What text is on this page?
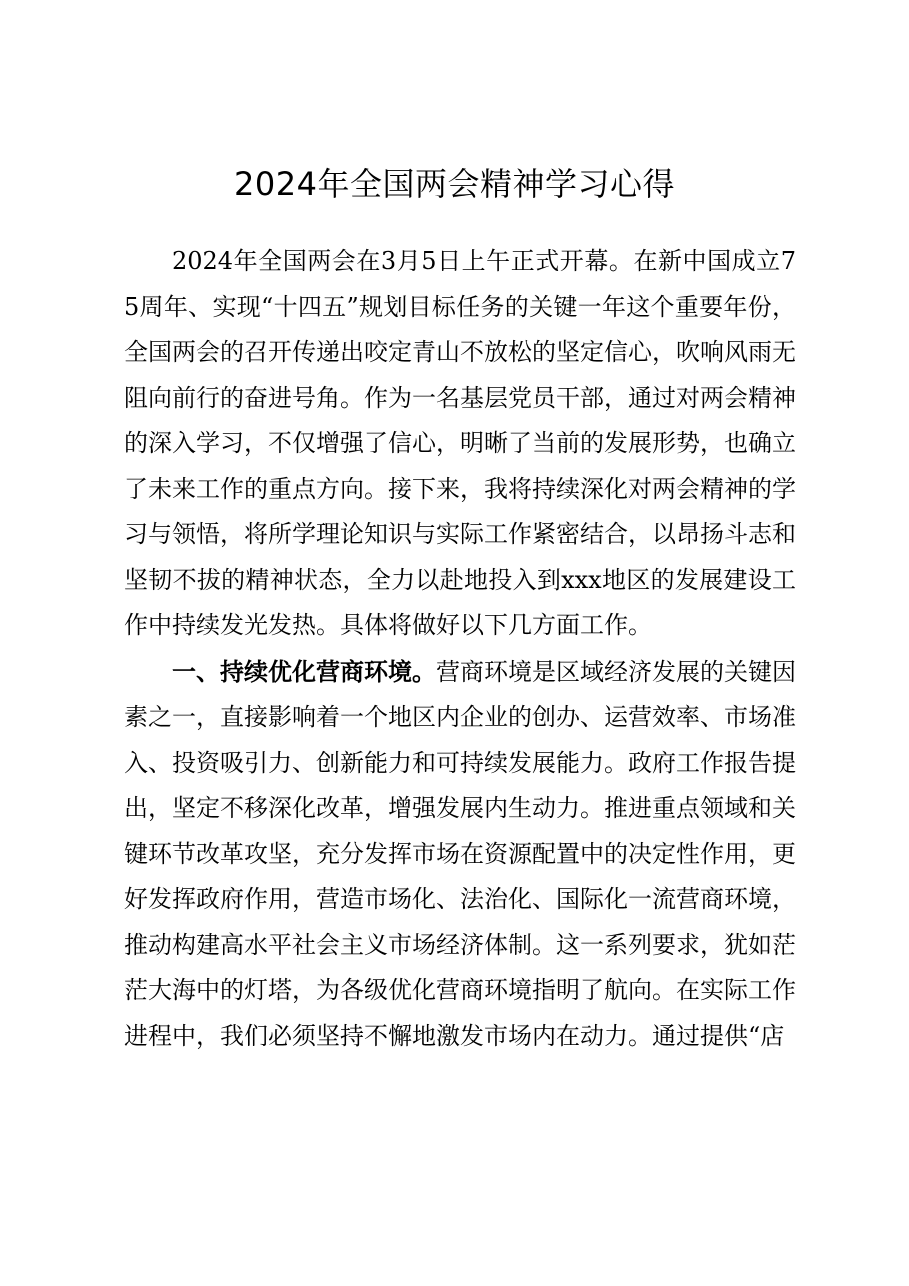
2024年全国两会精神学习心得

2024年全国两会在3月5日上午正式开幕。在新中国成立75周年、实现“十四五”规划目标任务的关键一年这个重要年份，全国两会的召开传递出咬定青山不放松的坚定信心，吹响风雨无阻向前行的奋进号角。作为一名基层党员干部，通过对两会精神的深入学习，不仅增强了信心，明晰了当前的发展形势，也确立了未来工作的重点方向。接下来，我将持续深化对两会精神的学习与领悟，将所学理论知识与实际工作紧密结合，以昂扬斗志和坚韧不拔的精神状态，全力以赴地投入到xxx地区的发展建设工作中持续发光发热。具体将做好以下几方面工作。

一、持续优化营商环境。营商环境是区域经济发展的关键因素之一，直接影响着一个地区内企业的创办、运营效率、市场准入、投资吸引力、创新能力和可持续发展能力。政府工作报告提出，坚定不移深化改革，增强发展内生动力。推进重点领域和关键环节改革攻坚，充分发挥市场在资源配置中的决定性作用，更好发挥政府作用，营造市场化、法治化、国际化一流营商环境，推动构建高水平社会主义市场经济体制。这一系列要求，犹如茫茫大海中的灯塔，为各级优化营商环境指明了航向。在实际工作进程中，我们必须坚持不懈地激发市场内在动力。通过提供“店
